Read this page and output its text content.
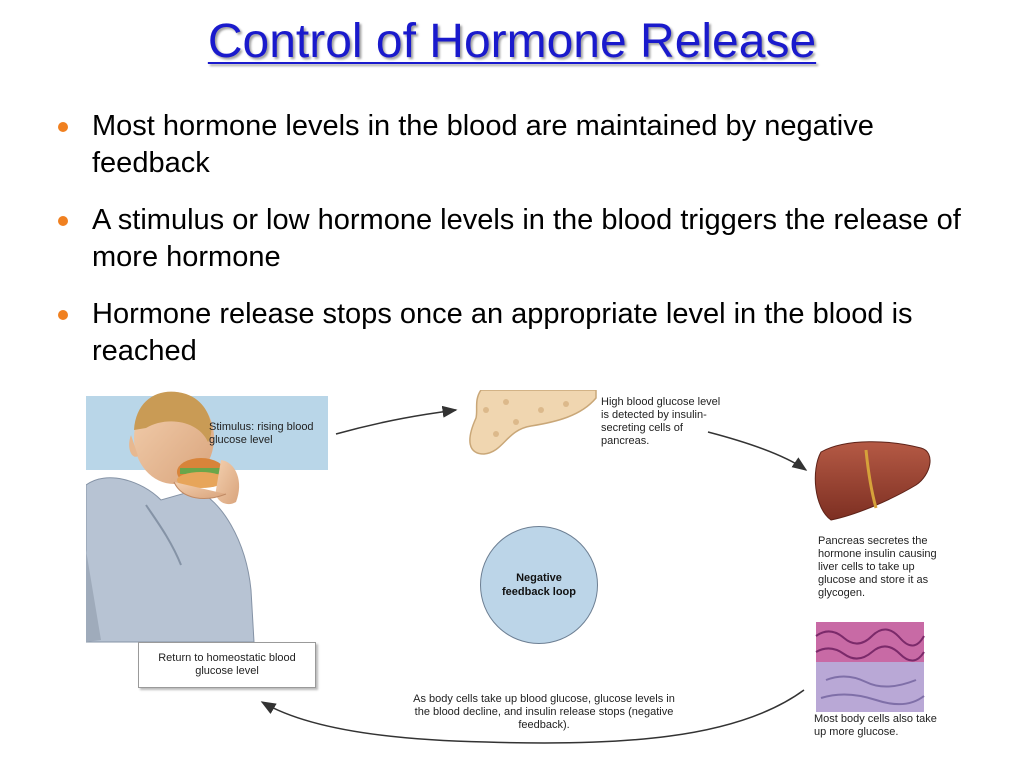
Control of Hormone Release
Most hormone levels in the blood are maintained by negative feedback
A stimulus or low hormone levels in the blood triggers the release of more hormone
Hormone release stops once an appropriate level in the blood is reached
Stimulus: rising blood glucose level
High blood glucose level is detected by insulin-secreting cells of pancreas.
Pancreas secretes the hormone insulin causing liver cells to take up glucose and store it as glycogen.
Most body cells also take up more glucose.
As body cells take up blood glucose, glucose levels in the blood decline, and insulin release stops (negative feedback).
Negative feedback loop
Return to homeostatic blood glucose level
